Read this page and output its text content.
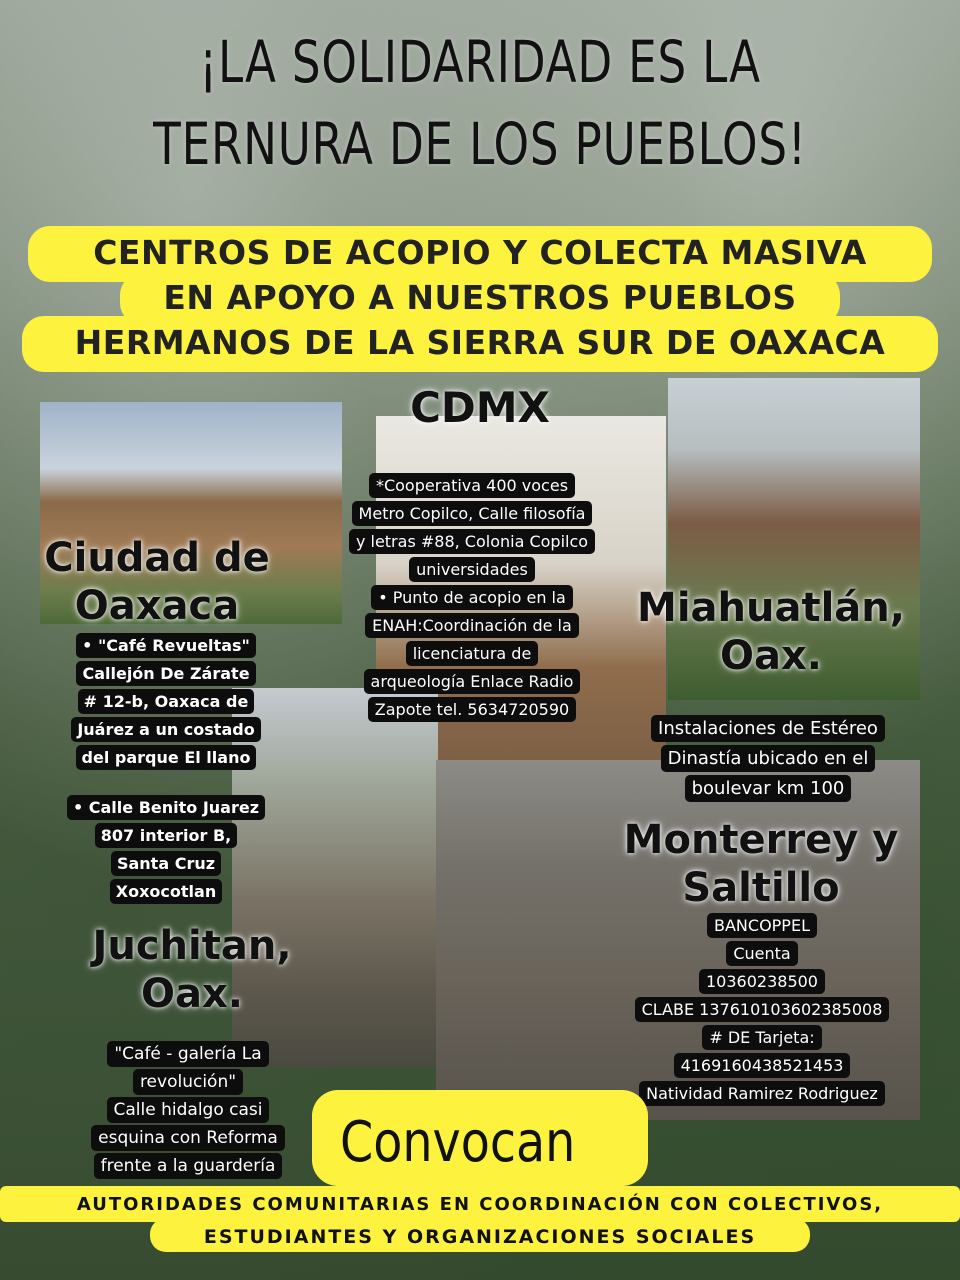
¡LA SOLIDARIDAD ES LA
TERNURA DE LOS PUEBLOS!
CENTROS DE ACOPIO Y COLECTA MASIVA
EN APOYO A NUESTROS PUEBLOS
HERMANOS DE LA SIERRA SUR DE OAXACA
CDMX
*Cooperativa 400 voces
Metro Copilco, Calle filosofía
y letras #88, Colonia Copilco
universidades
• Punto de acopio en la
ENAH:Coordinación de la
licenciatura de
arqueología Enlace Radio
Zapote tel. 5634720590
Ciudad de
Oaxaca
• "Café Revueltas"
Callejón De Zárate
# 12-b, Oaxaca de
Juárez a un costado
del parque El llano
• Calle Benito Juarez
807 interior B,
Santa Cruz
Xoxocotlan
Miahuatlán,
Oax.
Instalaciones de Estéreo
Dinastía ubicado en el
boulevar km 100
Monterrey y
Saltillo
BANCOPPEL
Cuenta
10360238500
CLABE 137610103602385008
# DE Tarjeta:
4169160438521453
Natividad Ramirez Rodriguez
Juchitan,
Oax.
"Café - galería La
revolución"
Calle hidalgo casi
esquina con Reforma
frente a la guardería	Convocan
AUTORIDADES COMUNITARIAS EN COORDINACIÓN CON COLECTIVOS,
ESTUDIANTES Y ORGANIZACIONES SOCIALES
